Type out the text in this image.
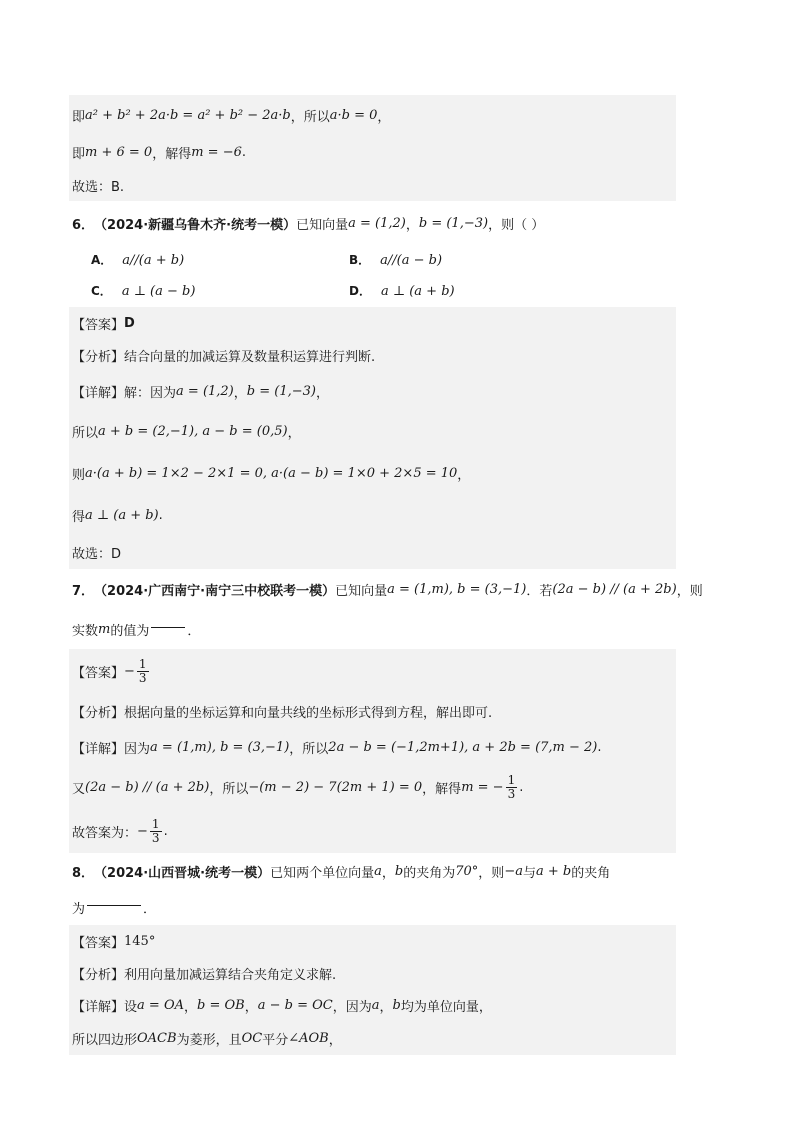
即 a² + b² + 2a·b = a² + b² − 2a·b ，所以 a·b = 0 ，
即 m + 6 = 0 ，解得 m = −6 .
故选：B.
6． （2024·新疆乌鲁木齐·统考一模） 已知向量 a = (1,2) ， b = (1,−3) ，则（ ）
A． a//(a + b)	B． a//(a − b)
C． a ⊥ (a − b)	D． a ⊥ (a + b)
【答案】 D
【分析】 结合向量的加减运算及数量积运算进行判断.
【详解】 解：因为 a = (1,2) ， b = (1,−3) ，
所以 a + b = (2,−1), a − b = (0,5) ，
则 a·(a + b) = 1×2 − 2×1 = 0, a·(a − b) = 1×0 + 2×5 = 10 ，
得 a ⊥ (a + b) .
故选：D
7． （2024·广西南宁·南宁三中校联考一模） 已知向量 a = (1,m), b = (3,−1) ．若 (2a − b) // (a + 2b) ，则
实数 m 的值为	．
【答案】 − $\frac{1}{3}$
【分析】 根据向量的坐标运算和向量共线的坐标形式得到方程，解出即可.
【详解】 因为 a = (1,m), b = (3,−1) ，所以 2a − b = (−1,2m+1), a + 2b = (7,m − 2) .
又 (2a − b) // (a + 2b) ，所以 −(m − 2) − 7(2m + 1) = 0 ，解得 m = − $\frac{1}{3}$ .
故答案为： − $\frac{1}{3}$ .
8． （2024·山西晋城·统考一模） 已知两个单位向量 a ， b 的夹角为 70° ，则 −a 与 a + b 的夹角
为	．
【答案】 145°
【分析】 利用向量加减运算结合夹角定义求解.
【详解】 设 a = OA ， b = OB ， a − b = OC ，因为 a ， b 均为单位向量，
所以四边形 OACB 为菱形，且 OC 平分 ∠AOB ，
